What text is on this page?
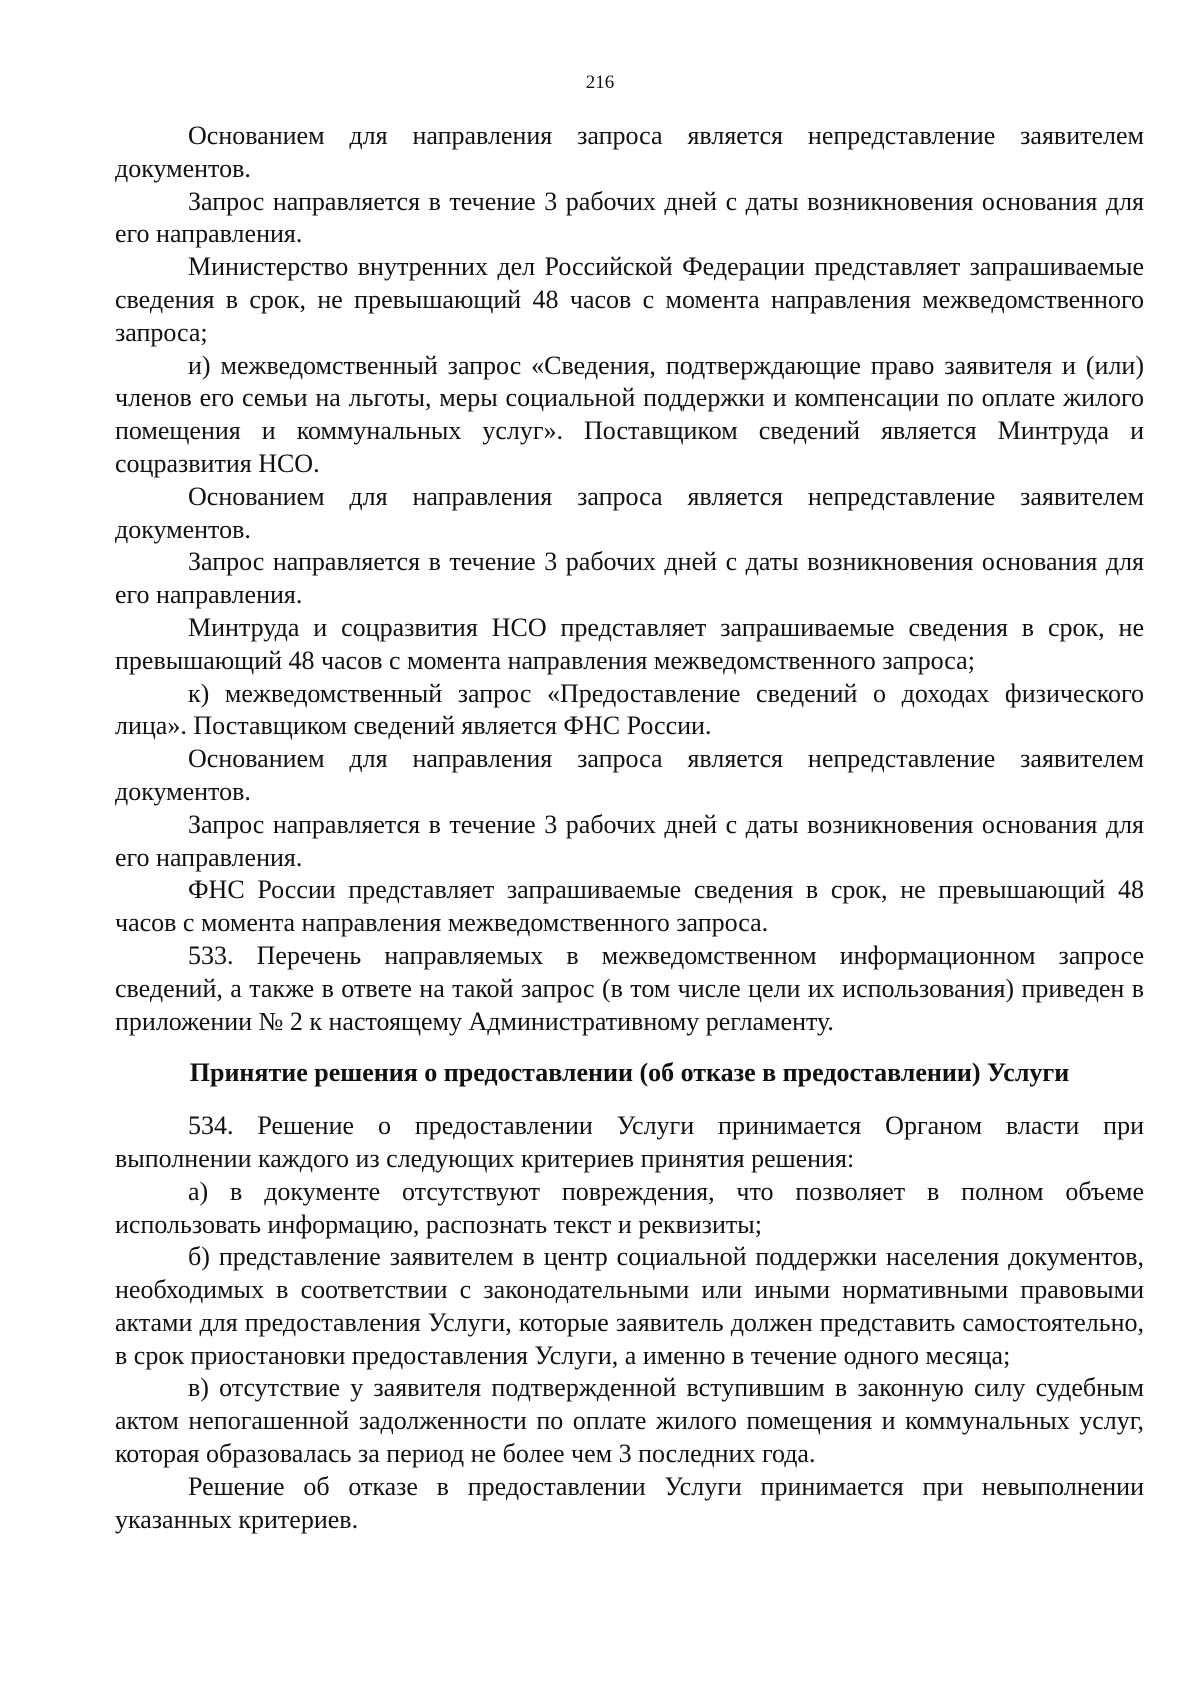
216

Основанием для направления запроса является непредставление заявителем документов.

Запрос направляется в течение 3 рабочих дней с даты возникновения основания для его направления.

Министерство внутренних дел Российской Федерации представляет запрашиваемые сведения в срок, не превышающий 48 часов с момента направления межведомственного запроса;

и) межведомственный запрос «Сведения, подтверждающие право заявителя и (или) членов его семьи на льготы, меры социальной поддержки и компенсации по оплате жилого помещения и коммунальных услуг». Поставщиком сведений является Минтруда и соцразвития НСО.

Основанием для направления запроса является непредставление заявителем документов.

Запрос направляется в течение 3 рабочих дней с даты возникновения основания для его направления.

Минтруда и соцразвития НСО представляет запрашиваемые сведения в срок, не превышающий 48 часов с момента направления межведомственного запроса;

к) межведомственный запрос «Предоставление сведений о доходах физического лица». Поставщиком сведений является ФНС России.

Основанием для направления запроса является непредставление заявителем документов.

Запрос направляется в течение 3 рабочих дней с даты возникновения основания для его направления.

ФНС России представляет запрашиваемые сведения в срок, не превышающий 48 часов с момента направления межведомственного запроса.

533. Перечень направляемых в межведомственном информационном запросе сведений, а также в ответе на такой запрос (в том числе цели их использования) приведен в приложении № 2 к настоящему Административному регламенту.

Принятие решения о предоставлении (об отказе в предоставлении) Услуги

534. Решение о предоставлении Услуги принимается Органом власти при выполнении каждого из следующих критериев принятия решения:

а) в документе отсутствуют повреждения, что позволяет в полном объеме использовать информацию, распознать текст и реквизиты;

б) представление заявителем в центр социальной поддержки населения документов, необходимых в соответствии с законодательными или иными нормативными правовыми актами для предоставления Услуги, которые заявитель должен представить самостоятельно, в срок приостановки предоставления Услуги, а именно в течение одного месяца;

в) отсутствие у заявителя подтвержденной вступившим в законную силу судебным актом непогашенной задолженности по оплате жилого помещения и коммунальных услуг, которая образовалась за период не более чем 3 последних года.

Решение об отказе в предоставлении Услуги принимается при невыполнении указанных критериев.
